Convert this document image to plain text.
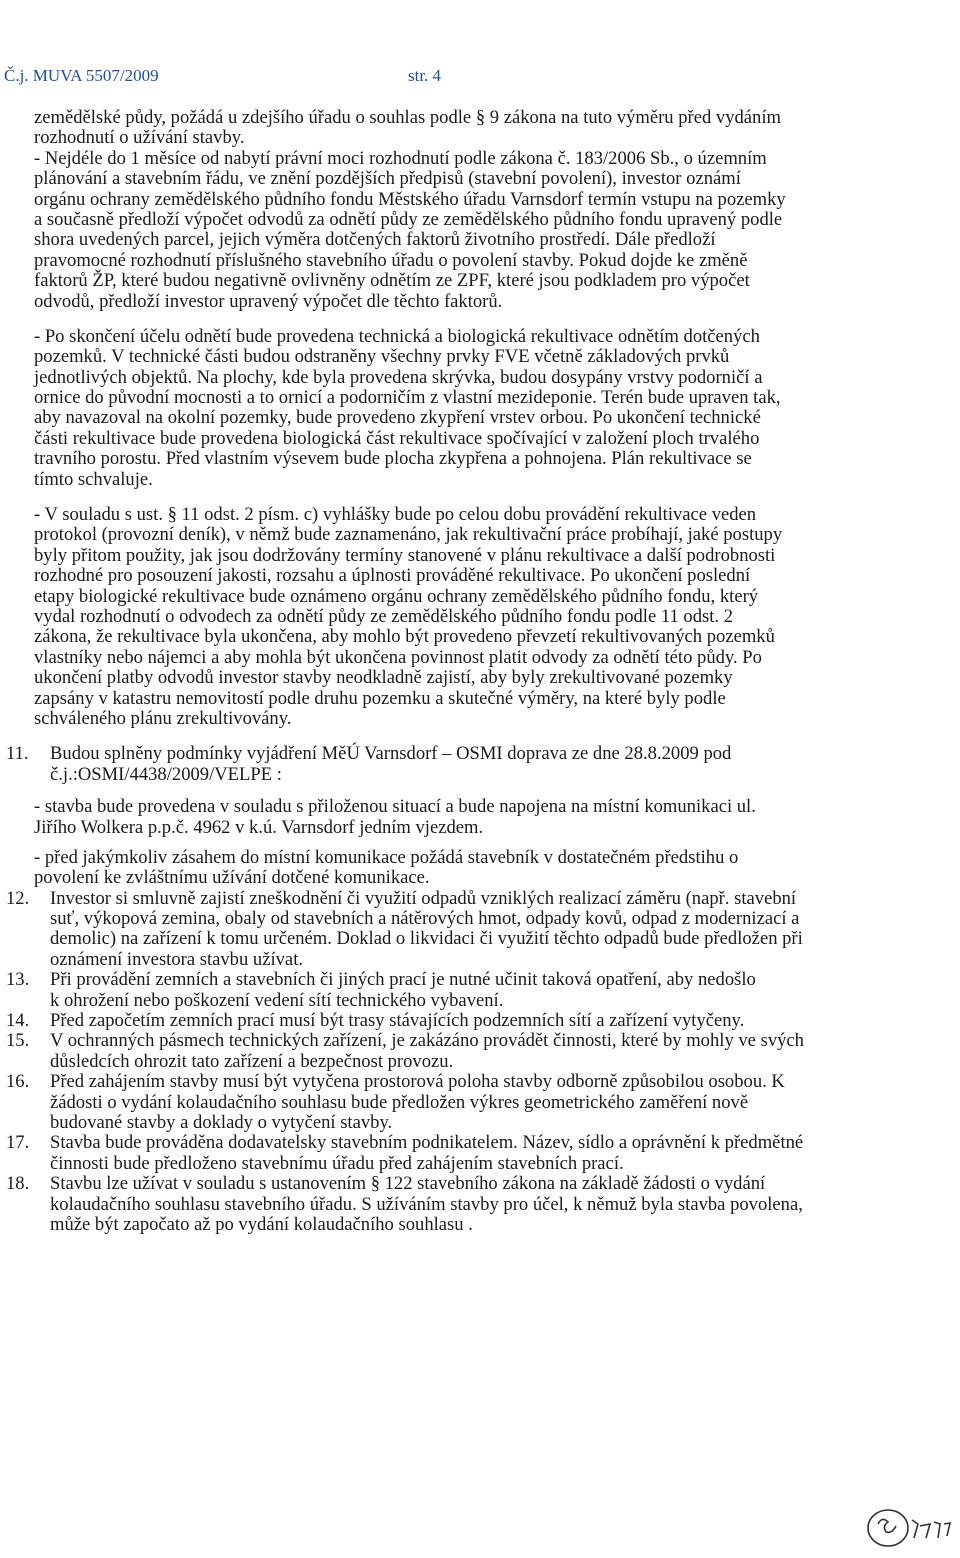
Č.j. MUVA 5507/2009	str. 4
zemědělské půdy, požádá u zdejšího úřadu o souhlas podle § 9 zákona na tuto výměru před vydáním
rozhodnutí o užívání stavby.
- Nejdéle do 1 měsíce od nabytí právní moci rozhodnutí podle zákona č. 183/2006 Sb., o územním
plánování a stavebním řádu, ve znění pozdějších předpisů (stavební povolení), investor oznámí
orgánu ochrany zemědělského půdního fondu Městského úřadu Varnsdorf termín vstupu na pozemky
a současně předloží výpočet odvodů za odnětí půdy ze zemědělského půdního fondu upravený podle
shora uvedených parcel, jejich výměra dotčených faktorů životního prostředí. Dále předloží
pravomocné rozhodnutí příslušného stavebního úřadu o povolení stavby. Pokud dojde ke změně
faktorů ŽP, které budou negativně ovlivněny odnětím ze ZPF, které jsou podkladem pro výpočet
odvodů, předloží investor upravený výpočet dle těchto faktorů.
- Po skončení účelu odnětí bude provedena technická a biologická rekultivace odnětím dotčených
pozemků. V technické části budou odstraněny všechny prvky FVE včetně základových prvků
jednotlivých objektů. Na plochy, kde byla provedena skrývka, budou dosypány vrstvy podorničí a
ornice do původní mocnosti a to ornicí a podorničím z vlastní mezideponie. Terén bude upraven tak,
aby navazoval na okolní pozemky, bude provedeno zkypření vrstev orbou. Po ukončení technické
části rekultivace bude provedena biologická část rekultivace spočívající v založení ploch trvalého
travního porostu. Před vlastním výsevem bude plocha zkypřena a pohnojena. Plán rekultivace se
tímto schvaluje.
- V souladu s ust. § 11 odst. 2 písm. c) vyhlášky bude po celou dobu provádění rekultivace veden
protokol (provozní deník), v němž bude zaznamenáno, jak rekultivační práce probíhají, jaké postupy
byly přitom použity, jak jsou dodržovány termíny stanovené v plánu rekultivace a další podrobnosti
rozhodné pro posouzení jakosti, rozsahu a úplnosti prováděné rekultivace. Po ukončení poslední
etapy biologické rekultivace bude oznámeno orgánu ochrany zemědělského půdního fondu, který
vydal rozhodnutí o odvodech za odnětí půdy ze zemědělského půdního fondu podle 11 odst. 2
zákona, že rekultivace byla ukončena, aby mohlo být provedeno převzetí rekultivovaných pozemků
vlastníky nebo nájemci a aby mohla být ukončena povinnost platit odvody za odnětí této půdy. Po
ukončení platby odvodů investor stavby neodkladně zajistí, aby byly zrekultivované pozemky
zapsány v katastru nemovitostí podle druhu pozemku a skutečné výměry, na které byly podle
schváleného plánu zrekultivovány.
11. Budou splněny podmínky vyjádření MěÚ Varnsdorf – OSMI doprava ze dne 28.8.2009 pod
č.j.:OSMI/4438/2009/VELPE :
- stavba bude provedena v souladu s přiloženou situací a bude napojena na místní komunikaci ul.
Jiřího Wolkera p.p.č. 4962 v k.ú. Varnsdorf jedním vjezdem.
- před jakýmkoliv zásahem do místní komunikace požádá stavebník v dostatečném předstihu o
povolení ke zvláštnímu užívání dotčené komunikace.
12. Investor si smluvně zajistí zneškodnění či využití odpadů vzniklých realizací záměru (např. stavební
suť, výkopová zemina, obaly od stavebních a nátěrových hmot, odpady kovů, odpad z modernizací a
demolic) na zařízení k tomu určeném. Doklad o likvidaci či využití těchto odpadů bude předložen při
oznámení investora stavbu užívat.
13. Při provádění zemních a stavebních či jiných prací je nutné učinit taková opatření, aby nedošlo
k ohrožení nebo poškození vedení sítí technického vybavení.
14. Před započetím zemních prací musí být trasy stávajících podzemních sítí a zařízení vytyčeny.
15. V ochranných pásmech technických zařízení, je zakázáno provádět činnosti, které by mohly ve svých
důsledcích ohrozit tato zařízení a bezpečnost provozu.
16. Před zahájením stavby musí být vytyčena prostorová poloha stavby odborně způsobilou osobou. K
žádosti o vydání kolaudačního souhlasu bude předložen výkres geometrického zaměření nově
budované stavby a doklady o vytyčení stavby.
17. Stavba bude prováděna dodavatelsky stavebním podnikatelem. Název, sídlo a oprávnění k předmětné
činnosti bude předloženo stavebnímu úřadu před zahájením stavebních prací.
18. Stavbu lze užívat v souladu s ustanovením § 122 stavebního zákona na základě žádosti o vydání
kolaudačního souhlasu stavebního úřadu. S užíváním stavby pro účel, k němuž byla stavba povolena,
může být započato až po vydání kolaudačního souhlasu .
